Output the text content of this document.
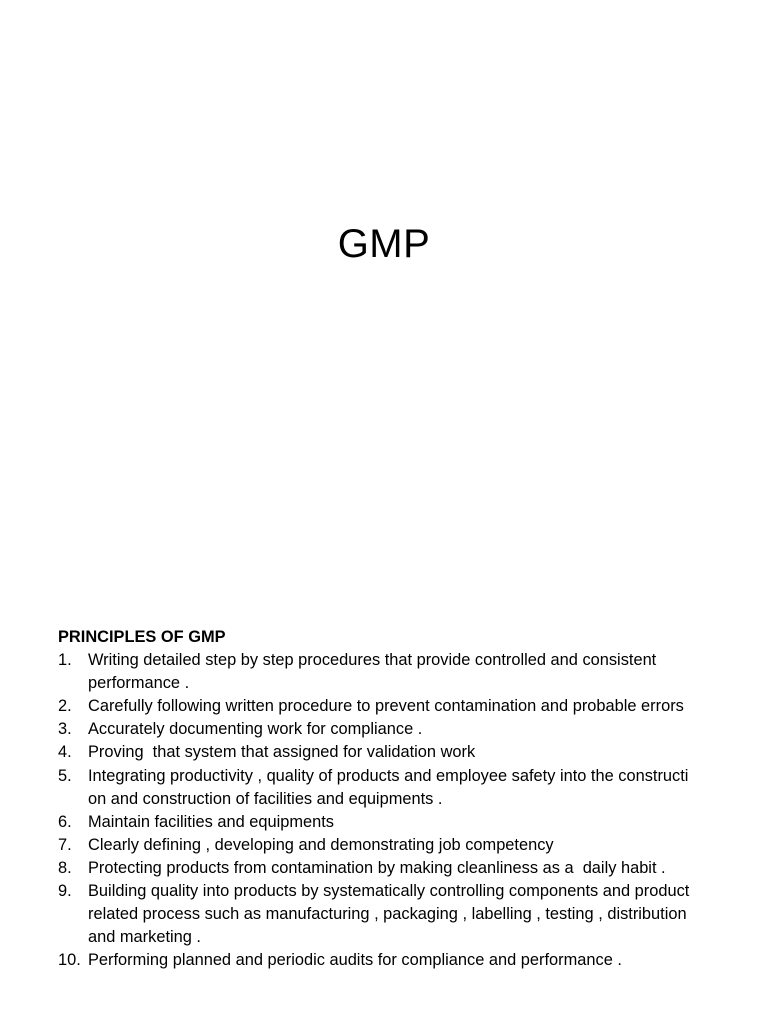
GMP
PRINCIPLES OF GMP
1. Writing detailed step by step procedures that provide controlled and consistent
performance .
2. Carefully following written procedure to prevent contamination and probable errors
3. Accurately documenting work for compliance .
4. Proving  that system that assigned for validation work
5. Integrating productivity , quality of products and employee safety into the constructi
on and construction of facilities and equipments .
6. Maintain facilities and equipments
7. Clearly defining , developing and demonstrating job competency
8. Protecting products from contamination by making cleanliness as a  daily habit .
9. Building quality into products by systematically controlling components and product
related process such as manufacturing , packaging , labelling , testing , distribution
and marketing .
10. Performing planned and periodic audits for compliance and performance .
